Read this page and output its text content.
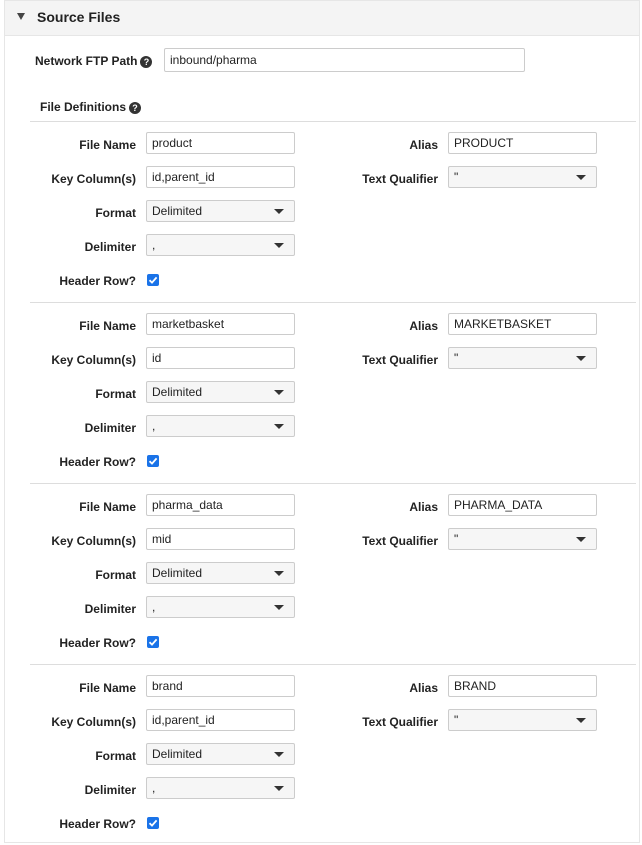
Source Files
Network FTP Path ?	inbound/pharma
File Definitions ?
File Name	product	Alias	PRODUCT
Key Column(s)	id,parent_id	Text Qualifier	"
Format	Delimited
Delimiter	,
Header Row?
File Name	marketbasket	Alias	MARKETBASKET
Key Column(s)	id	Text Qualifier	"
Format	Delimited
Delimiter	,
Header Row?
File Name	pharma_data	Alias	PHARMA_DATA
Key Column(s)	mid	Text Qualifier	"
Format	Delimited
Delimiter	,
Header Row?
File Name	brand	Alias	BRAND
Key Column(s)	id,parent_id	Text Qualifier	"
Format	Delimited
Delimiter	,
Header Row?
